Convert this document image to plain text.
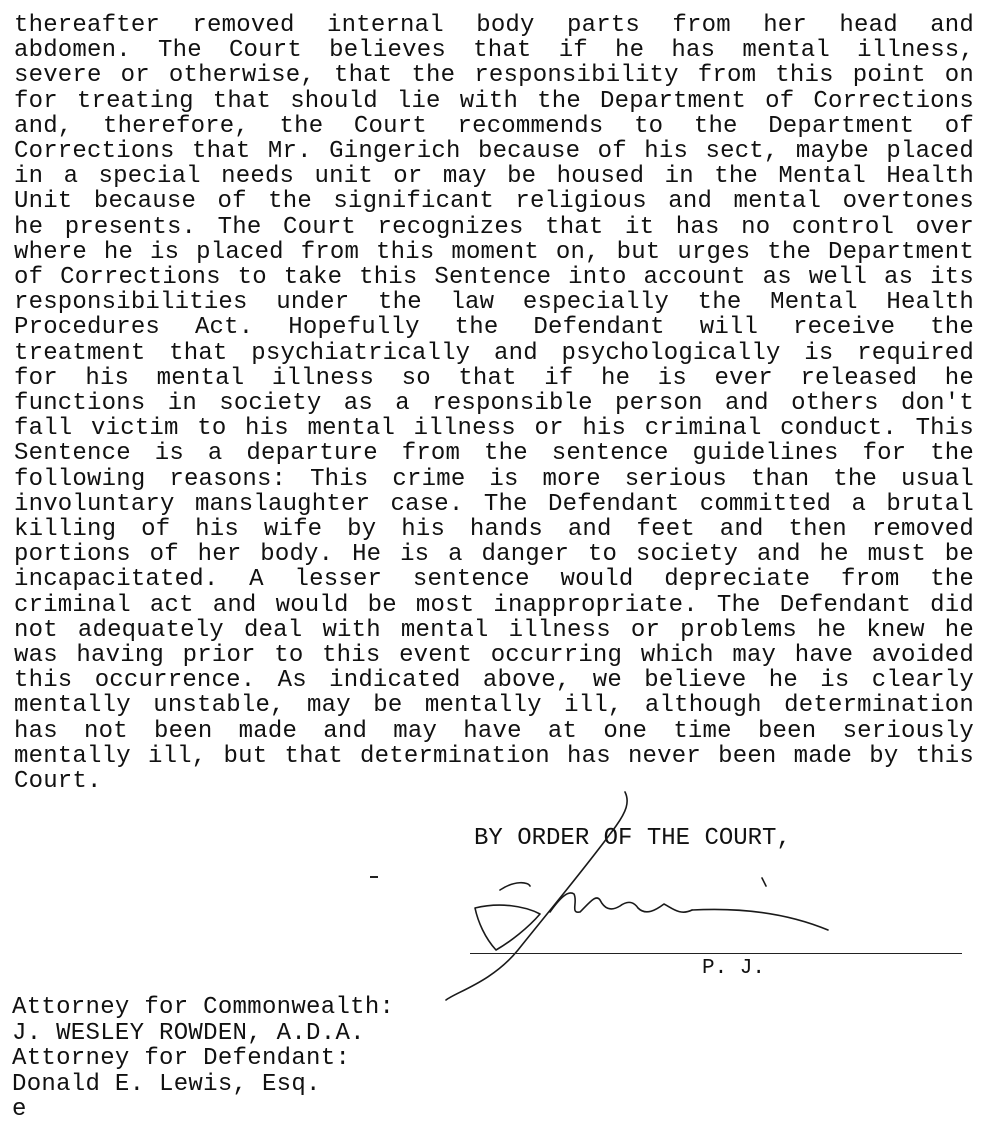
thereafter removed internal body parts from her head and
abdomen. The Court believes that if he has mental illness,
severe or otherwise, that the responsibility from this point on
for treating that should lie with the Department of Corrections
and, therefore, the Court recommends to the Department of
Corrections that Mr. Gingerich because of his sect, maybe placed
in a special needs unit or may be housed in the Mental Health
Unit because of the significant religious and mental overtones
he presents. The Court recognizes that it has no control over
where he is placed from this moment on, but urges the Department
of Corrections to take this Sentence into account as well as its
responsibilities under the law especially the Mental Health
Procedures Act. Hopefully the Defendant will receive the
treatment that psychiatrically and psychologically is required
for his mental illness so that if he is ever released he
functions in society as a responsible person and others don't
fall victim to his mental illness or his criminal conduct. This
Sentence is a departure from the sentence guidelines for the
following reasons: This crime is more serious than the usual
involuntary manslaughter case. The Defendant committed a brutal
killing of his wife by his hands and feet and then removed
portions of her body. He is a danger to society and he must be
incapacitated. A lesser sentence would depreciate from the
criminal act and would be most inappropriate. The Defendant did
not adequately deal with mental illness or problems he knew he
was having prior to this event occurring which may have avoided
this occurrence. As indicated above, we believe he is clearly
mentally unstable, may be mentally ill, although determination
has not been made and may have at one time been seriously
mentally ill, but that determination has never been made by this
Court.
BY ORDER OF THE COURT,
P. J.
Attorney for Commonwealth:
J. WESLEY ROWDEN, A.D.A.
Attorney for Defendant:
Donald E. Lewis, Esq.
e
